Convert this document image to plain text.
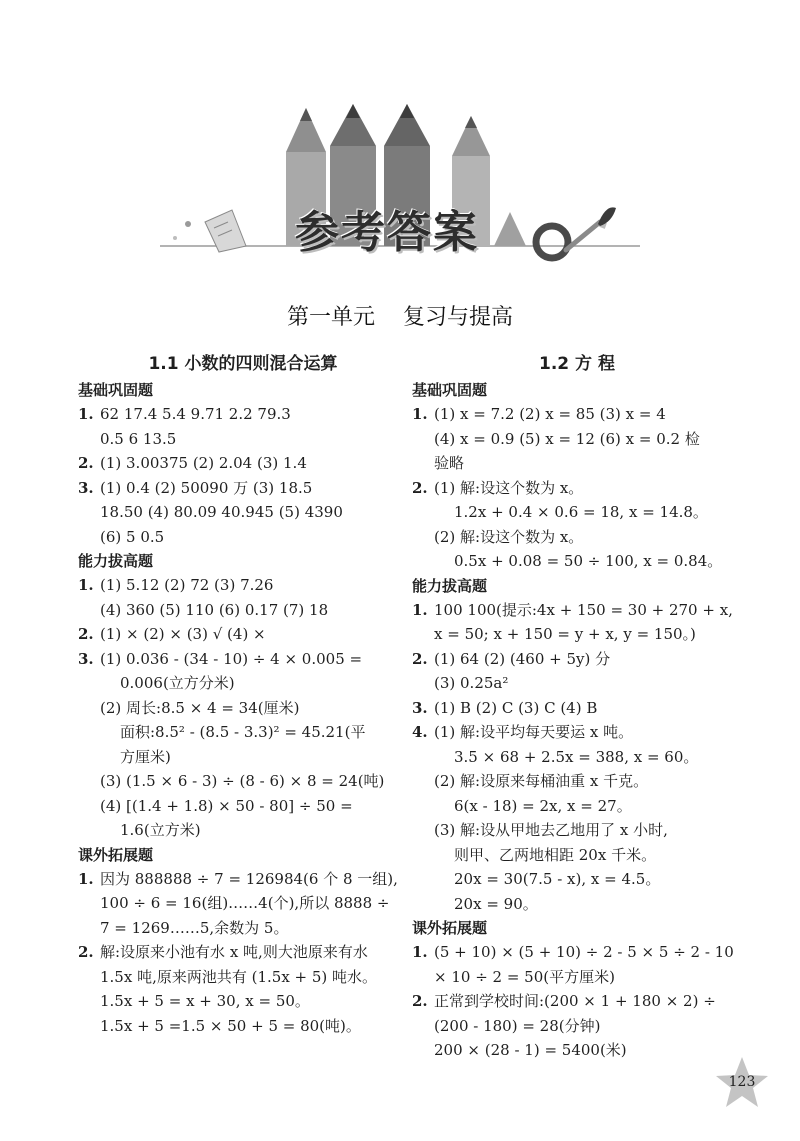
参考答案
第一单元 复习与提高
1.1 小数的四则混合运算
基础巩固题
1. 62 17.4 5.4 9.71 2.2 79.3
0.5 6 13.5
2. (1) 3.00375 (2) 2.04 (3) 1.4
3. (1) 0.4 (2) 50090 万 (3) 18.5
18.50 (4) 80.09 40.945 (5) 4390
(6) 5 0.5
能力拔高题
1. (1) 5.12 (2) 72 (3) 7.26
(4) 360 (5) 110 (6) 0.17 (7) 18
2. (1) × (2) × (3) √ (4) ×
3. (1) 0.036 - (34 - 10) ÷ 4 × 0.005 =
0.006(立方分米)
(2) 周长:8.5 × 4 = 34(厘米)
面积:8.5² - (8.5 - 3.3)² = 45.21(平
方厘米)
(3) (1.5 × 6 - 3) ÷ (8 - 6) × 8 = 24(吨)
(4) [(1.4 + 1.8) × 50 - 80] ÷ 50 =
1.6(立方米)
课外拓展题
1. 因为 888888 ÷ 7 = 126984(6 个 8 一组),
100 ÷ 6 = 16(组)……4(个),所以 8888 ÷
7 = 1269……5,余数为 5。
2. 解:设原来小池有水 x 吨,则大池原来有水
1.5x 吨,原来两池共有 (1.5x + 5) 吨水。
1.5x + 5 = x + 30, x = 50。
1.5x + 5 =1.5 × 50 + 5 = 80(吨)。
1.2 方 程
基础巩固题
1. (1) x = 7.2 (2) x = 85 (3) x = 4
(4) x = 0.9 (5) x = 12 (6) x = 0.2 检
验略
2. (1) 解:设这个数为 x。
1.2x + 0.4 × 0.6 = 18, x = 14.8。
(2) 解:设这个数为 x。
0.5x + 0.08 = 50 ÷ 100, x = 0.84。
能力拔高题
1. 100 100(提示:4x + 150 = 30 + 270 + x,
x = 50; x + 150 = y + x, y = 150。)
2. (1) 64 (2) (460 + 5y) 分
(3) 0.25a²
3. (1) B (2) C (3) C (4) B
4. (1) 解:设平均每天要运 x 吨。
3.5 × 68 + 2.5x = 388, x = 60。
(2) 解:设原来每桶油重 x 千克。
6(x - 18) = 2x, x = 27。
(3) 解:设从甲地去乙地用了 x 小时,
则甲、乙两地相距 20x 千米。
20x = 30(7.5 - x), x = 4.5。
20x = 90。
课外拓展题
1. (5 + 10) × (5 + 10) ÷ 2 - 5 × 5 ÷ 2 - 10
× 10 ÷ 2 = 50(平方厘米)
2. 正常到学校时间:(200 × 1 + 180 × 2) ÷
(200 - 180) = 28(分钟)
200 × (28 - 1) = 5400(米)
123
